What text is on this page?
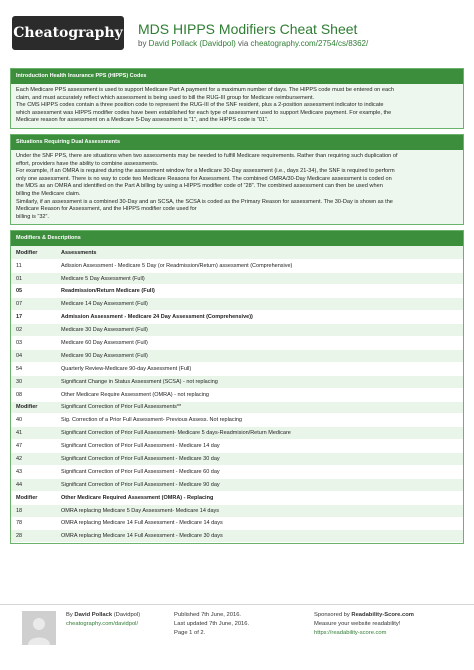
Cheatography MDS HIPPS Modifiers Cheat Sheet
by David Pollack (Davidpol) via cheatography.com/2754/cs/8362/
Introduction Health Insurance PPS (HIPPS) Codes
Each Medicare PPS assessment is used to support Medicare Part A payment for a maximum number of days. The HIPPS code must be entered on each
claim, and must accurately reflect which assessment is being used to bill the RUG-III group for Medicare reimbursement.
The CMS HIPPS codes contain a three position code to represent the RUG-III of the SNF resident, plus a 2-position assessment indicator to indicate
which assessment was HIPPS modifier codes have been established for each type of assessment used to support Medicare payment. For example, the
Medicare reason for assessment on a Medicare 5-Day assessment is “1”, and the HIPPS code is “01”.
Situations Requiring Dual Assessments
Under the SNF PPS, there are situations when two assessments may be needed to fulfill Medicare requirements. Rather than requiring such duplication of
effort, providers have the ability to combine assessments.
For example, if an OMRA is required during the assessment window for a Medicare 30-Day assessment (i.e., days 21-34), the SNF is required to perform
only one assessment. There is no way to code two Medicare Reasons for Assessment. The combined OMRA/30-Day Medicare assessment is coded on
the MDS as an OMRA and identified on the Part A billing by using a HIPPS modifier code of “28”. The combined assessment can then be used when
billing the Medicare claim.
Similarly, if an assessment is a combined 30-Day and an SCSA, the SCSA is coded as the Primary Reason for assessment. The 30-Day is shown as the
Medicare Reason for Assessment, and the HIPPS modifier code used for
billing is “32”.
Modifiers & Descriptions
Modifier	Assessments
11	Adission Assessment - Medicare 5 Day (or Readmission/Return) assessment (Comprehensive)
01	Medicare 5 Day Assessment (Full)
05	Readmission/Return Medicare (Full)
07	Medicare 14 Day Assessment (Full)
17	Admission Assessment - Medicare 24 Day Assessment (Comprehensive))
02	Medicare 30 Day Assessment (Full)
03	Medicare 60 Day Assessment (Full)
04	Medicare 90 Day Assessment (Full)
54	Quarterly Review-Medicare 90-day Assessment (Full)
30	Significant Change in Status Assessment (SCSA) - not replacing
08	Other Medicare Require Assessment (OMRA) - not replacing
Modifier	Significant Correction of Prior Full Assessments**
40	Sig. Correction of a Prior Full Assessment- Previous Assess. Not replacing
41	Significant Correction of Prior Full Assessment- Medicare 5 days-Readmision/Return Medicare
47	Significant Correction of Prior Full Assessment - Medicare 14 day
42	Significant Correction of Prior Full Assessment - Medicare 30 day
43	Significant Correction of Prior Full Assessment - Medicare 60 day
44	Significant Correction of Prior Full Assessment - Medicare 90 day
Modifier	Other Medicare Required Assessment (OMRA) - Replacing
18	OMRA replacing Medicare 5 Day Assessment- Medicare 14 days
78	OMRA replacing Medicare 14 Full Assessment - Medicare 14 days
28	OMRA replacing Medicare 14 Full Assessment - Medicare 30 days
By David Pollack (Davidpol)
cheatography.com/davidpol/
Published 7th June, 2016.
Last updated 7th June, 2016.
Page 1 of 2.
Sponsored by Readability-Score.com
Measure your website readability!
https://readability-score.com
